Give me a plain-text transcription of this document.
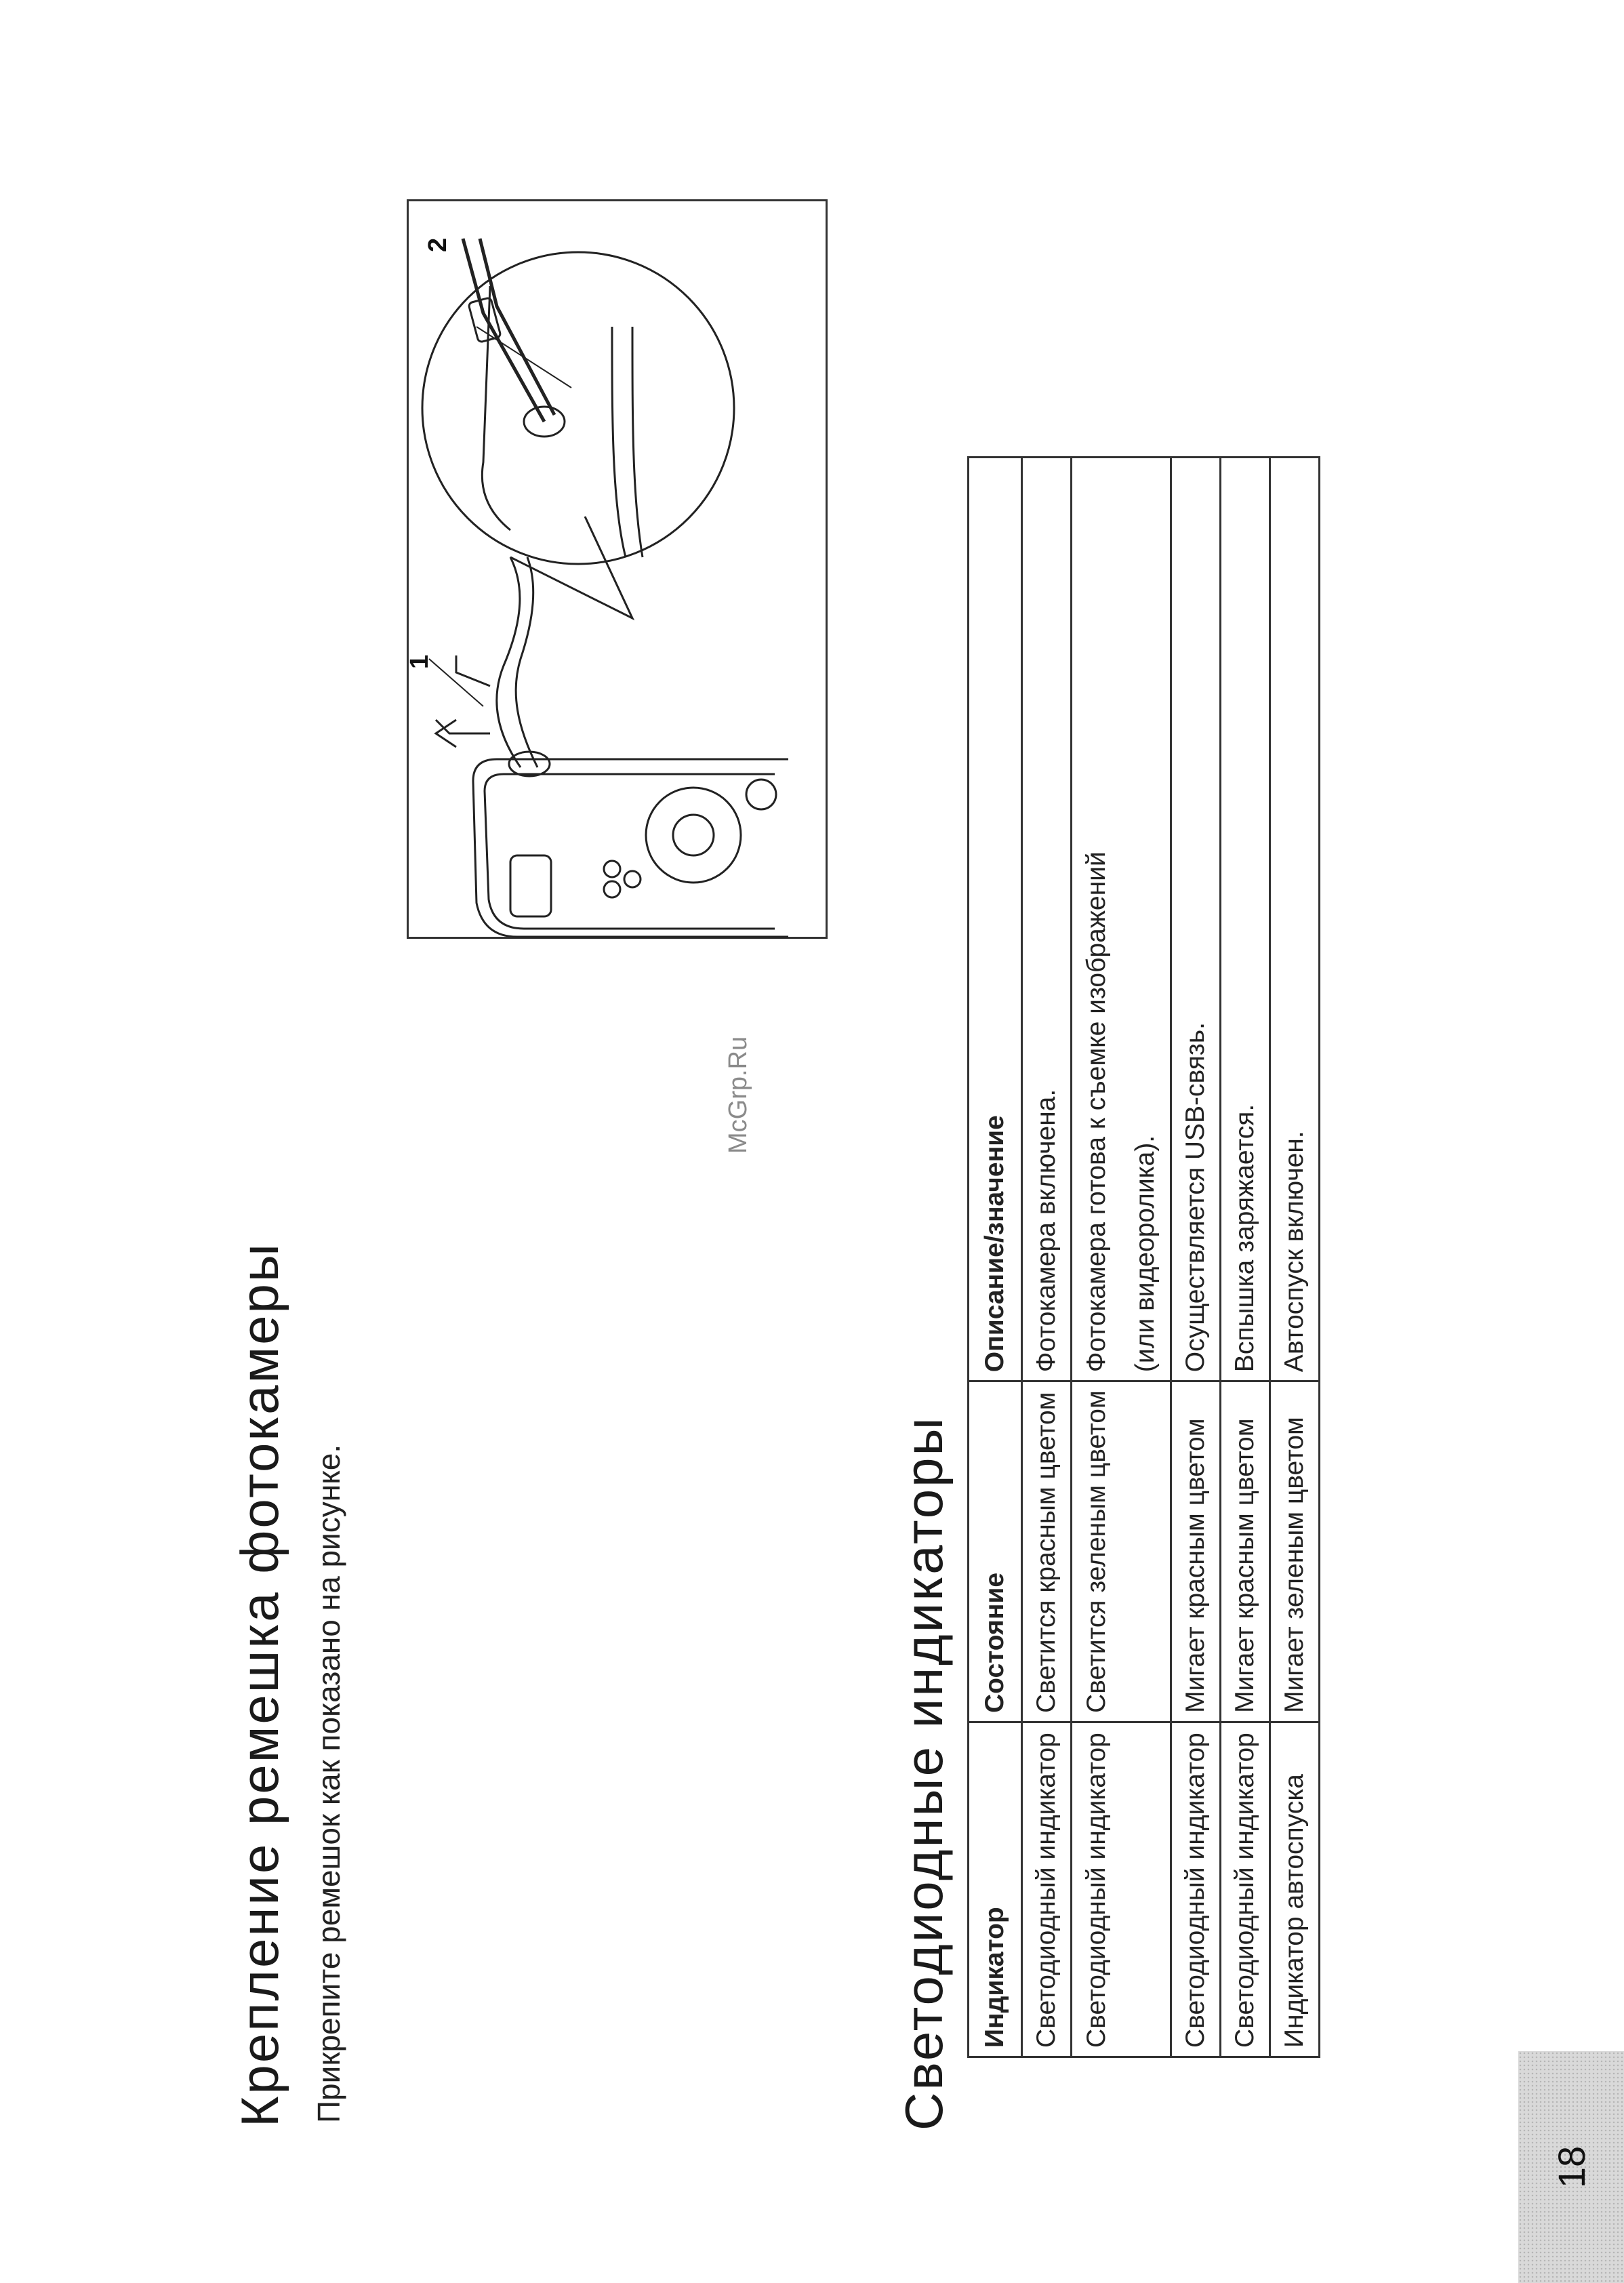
Крепление ремешка фотокамеры Прикрепите ремешок как показано на рисунке.
1
2
McGrp.Ru
Светодиодные индикаторы Индикатор	Состояние	Описание/значение
Светодиодный индикатор	Светится красным цветом	Фотокамера включена.
Светодиодный индикатор	Светится зеленым цветом	Фотокамера готова к съемке изображений (или видеоролика).

Светодиодный индикатор	Мигает красным цветом	Осуществляется USB-связь.
Светодиодный индикатор	Мигает красным цветом	Вспышка заряжается.
Индикатор автоспуска	Мигает зеленым цветом	Автоспуск включен.
18
